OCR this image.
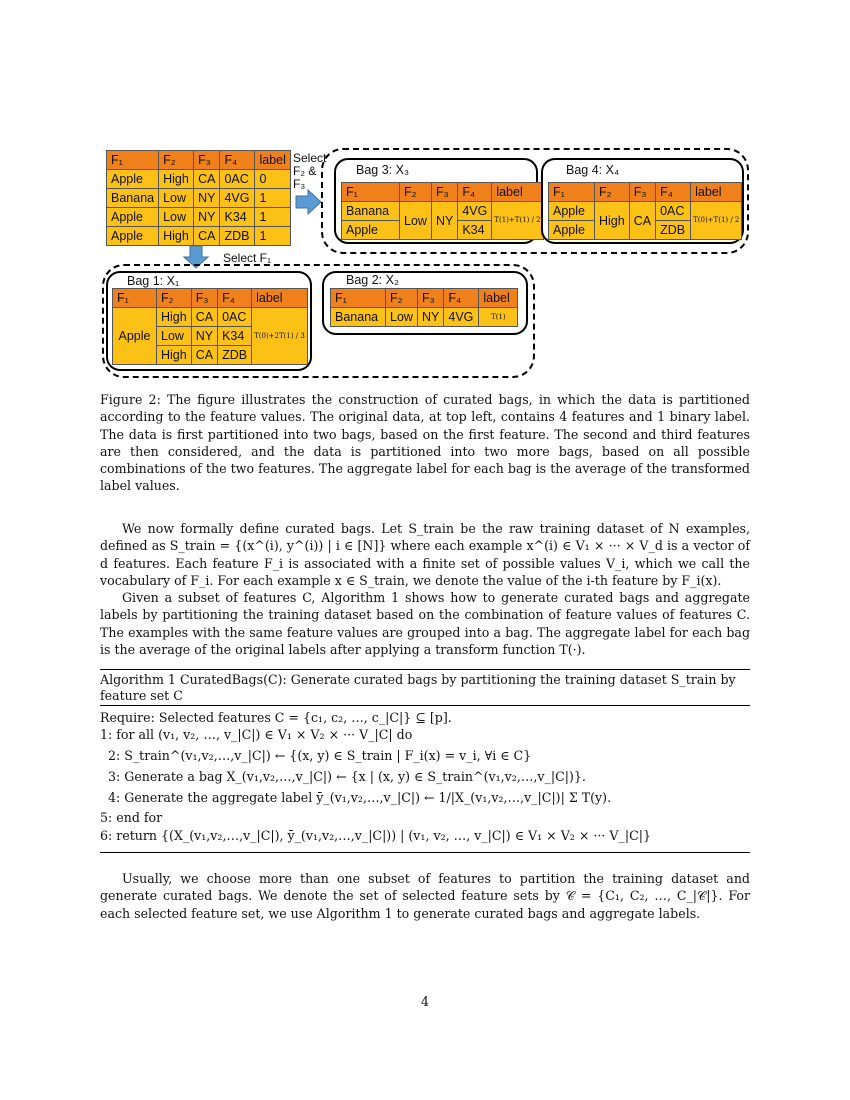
F₁	F₂	F₃	F₄	label
Apple	High	CA	0AC	0
Banana	Low	NY	4VG	1
Apple	Low	NY	K34	1
Apple	High	CA	ZDB	1
Select F₁
Select F₂ & F₃
Bag 3: X₃
F₁	F₂	F₃	F₄	label
Banana	Low	NY	4VG	T(1)+T(1) / 2
Apple			K34	
Bag 4: X₄
F₁	F₂	F₃	F₄	label
Apple	High	CA	0AC	T(0)+T(1) / 2
Apple			ZDB	
Bag 1: X₁
F₁	F₂	F₃	F₄	label
Apple	High	CA	0AC	T(0)+2T(1) / 3
	Low	NY	K34	
	High	CA	ZDB	
Bag 2: X₂
F₁	F₂	F₃	F₄	label
Banana	Low	NY	4VG	T(1)

Figure 2: The figure illustrates the construction of curated bags, in which the data is partitioned according to the feature values. The original data, at top left, contains 4 features and 1 binary label. The data is first partitioned into two bags, based on the first feature. The second and third features are then considered, and the data is partitioned into two more bags, based on all possible combinations of the two features. The aggregate label for each bag is the average of the transformed label values.

We now formally define curated bags. Let S_train be the raw training dataset of N examples, defined as S_train = {(x^(i), y^(i)) | i ∈ [N]} where each example x^(i) ∈ V₁ × ··· × V_d is a vector of d features. Each feature F_i is associated with a finite set of possible values V_i, which we call the vocabulary of F_i. For each example x ∈ S_train, we denote the value of the i-th feature by F_i(x).

Given a subset of features C, Algorithm 1 shows how to generate curated bags and aggregate labels by partitioning the training dataset based on the combination of feature values of features C. The examples with the same feature values are grouped into a bag. The aggregate label for each bag is the average of the original labels after applying a transform function T(·).

Algorithm 1 CuratedBags(C): Generate curated bags by partitioning the training dataset S_train by feature set C
Require: Selected features C = {c₁, c₂, …, c_|C|} ⊆ [p].
1: for all (v₁, v₂, …, v_|C|) ∈ V₁ × V₂ × ··· V_|C| do
2: S_train^(v₁,v₂,…,v_|C|) ← {(x, y) ∈ S_train | F_i(x) = v_i, ∀i ∈ C}
3: Generate a bag X_(v₁,v₂,…,v_|C|) ← {x | (x, y) ∈ S_train^(v₁,v₂,…,v_|C|)}.
4: Generate the aggregate label ȳ_(v₁,v₂,…,v_|C|) ← 1/|X_(v₁,v₂,…,v_|C|)| Σ T(y).
5: end for
6: return {(X_(v₁,v₂,…,v_|C|), ȳ_(v₁,v₂,…,v_|C|)) | (v₁, v₂, …, v_|C|) ∈ V₁ × V₂ × ··· V_|C|}

Usually, we choose more than one subset of features to partition the training dataset and generate curated bags. We denote the set of selected feature sets by 𝒞 = {C₁, C₂, …, C_|𝒞|}. For each selected feature set, we use Algorithm 1 to generate curated bags and aggregate labels.

4
